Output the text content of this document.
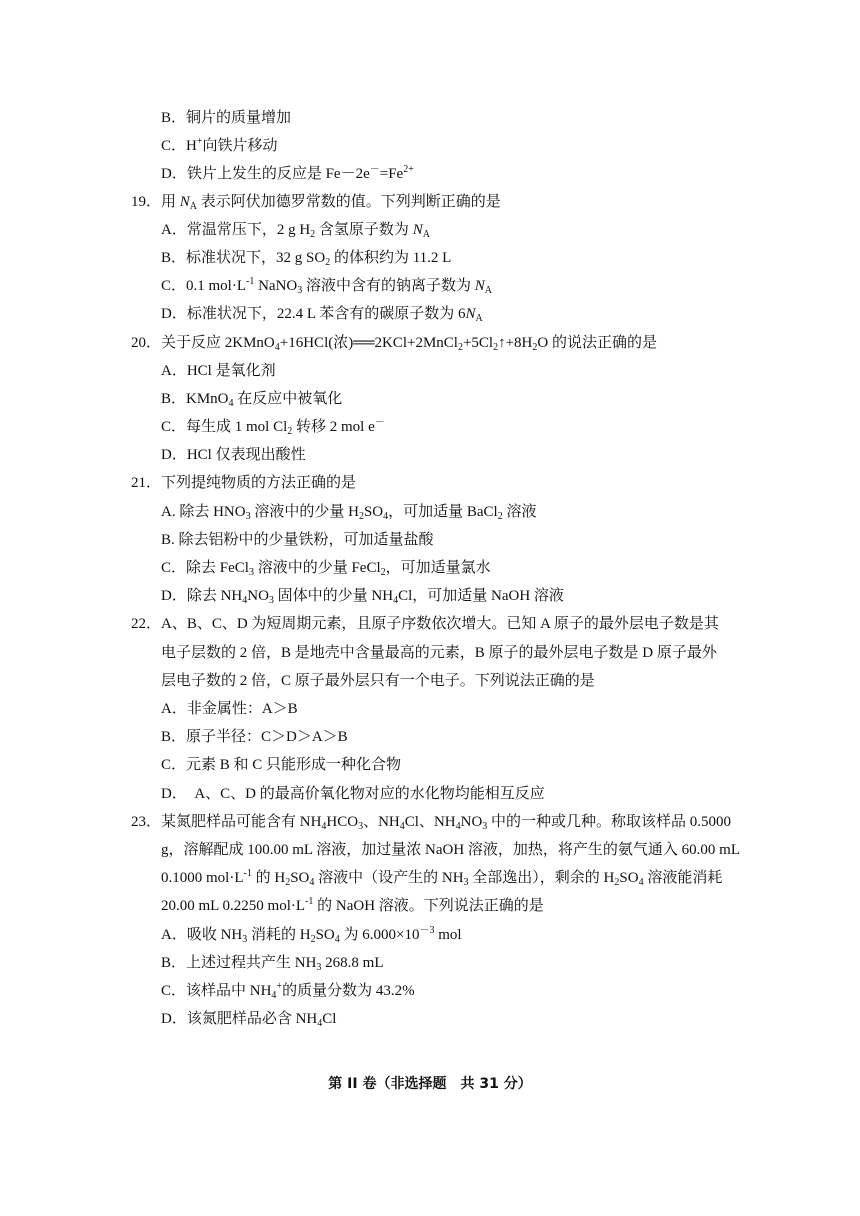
B．铜片的质量增加
C．H+向铁片移动
D．铁片上发生的反应是 $Fe-2e^-=Fe^{2+}$
19．用 $N_A$ 表示阿伏加德罗常数的值。下列判断正确的是
A．常温常压下，2 g $H_2$ 含氢原子数为 $N_A$
B．标准状况下，32 g $SO_2$ 的体积约为 11.2 L
C．0.1 $mol\cdot L^{-1}$ NaNO$_3$ 溶液中含有的钠离子数为 $N_A$
D．标准状况下，22.4 L 苯含有的碳原子数为 $6N_A$
20．关于反应 2KMnO$_4$+16HCl(浓)$══2KCl+2MnCl_2+5Cl_2↑+8H_2O$ 的说法正确的是
A．HCl 是氧化剂
B．KMnO$_4$ 在反应中被氧化
C．每生成 1 mol $Cl_2$ 转移 2 mol e－
D．HCl 仅表现出酸性
21．下列提纯物质的方法正确的是
A. 除去 $HNO_3$ 溶液中的少量 $H_2SO_4$，可加适量 BaCl$_2$ 溶液
B. 除去铝粉中的少量铁粉，可加适量盐酸
C．除去 FeCl$_3$ 溶液中的少量 FeCl$_2$，可加适量氯水
D．除去 $NH_4NO_3$ 固体中的少量 $NH_4Cl$，可加适量 NaOH 溶液
22．A、B、C、D 为短周期元素，且原子序数依次增大。已知 A 原子的最外层电子数是其
电子层数的 2 倍，B 是地壳中含量最高的元素，B 原子的最外层电子数是 D 原子最外
层电子数的 2 倍，C 原子最外层只有一个电子。下列说法正确的是
A．非金属性：A＞B
B．原子半径：C＞D＞A＞B
C．元素 B 和 C 只能形成一种化合物
D．　A、C、D 的最高价氧化物对应的水化物均能相互反应
23．某氮肥样品可能含有 $NH_4HCO_3$、$NH_4Cl$、$NH_4NO_3$ 中的一种或几种。称取该样品 0.5000
g，溶解配成 100.00 mL 溶液，加过量浓 NaOH 溶液，加热，将产生的氨气通入 60.00 mL
0.1000 $mol\cdot L^{-1}$ 的 $H_2SO_4$ 溶液中（设产生的 $NH_3$ 全部逸出），剩余的 $H_2SO_4$ 溶液能消耗
20.00 mL 0.2250 $mol\cdot L^{-1}$ 的 NaOH 溶液。下列说法正确的是
A．吸收 $NH_3$ 消耗的 $H_2SO_4$ 为 $6.000\times 10^{-3}$ mol
B．上述过程共产生 $NH_3$ 268.8 mL
C．该样品中 $NH_4^+$的质量分数为 43.2%
D．该氮肥样品必含 $NH_4Cl$
第 II 卷（非选择题　共 31 分）
